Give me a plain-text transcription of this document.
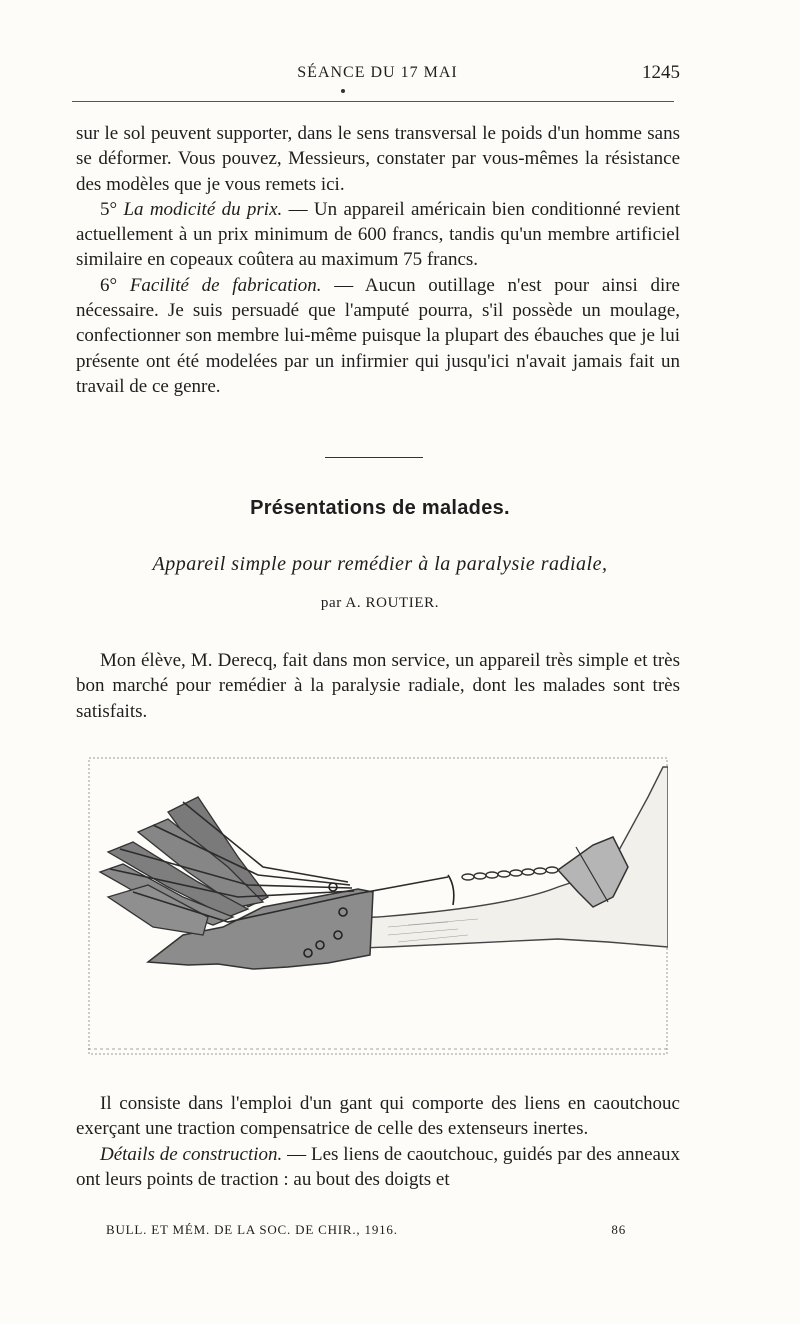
SÉANCE DU 17 MAI	1245

sur le sol peuvent supporter, dans le sens transversal le poids d'un homme sans se déformer. Vous pouvez, Messieurs, constater par vous-mêmes la résistance des modèles que je vous remets ici.

5° La modicité du prix. — Un appareil américain bien conditionné revient actuellement à un prix minimum de 600 francs, tandis qu'un membre artificiel similaire en copeaux coûtera au maximum 75 francs.

6° Facilité de fabrication. — Aucun outillage n'est pour ainsi dire nécessaire. Je suis persuadé que l'amputé pourra, s'il possède un moulage, confectionner son membre lui-même puisque la plupart des ébauches que je lui présente ont été modelées par un infirmier qui jusqu'ici n'avait jamais fait un travail de ce genre.

Présentations de malades.
Appareil simple pour remédier à la paralysie radiale,
par A. ROUTIER.

Mon élève, M. Derecq, fait dans mon service, un appareil très simple et très bon marché pour remédier à la paralysie radiale, dont les malades sont très satisfaits.

Il consiste dans l'emploi d'un gant qui comporte des liens en caoutchouc exerçant une traction compensatrice de celle des extenseurs inertes.

Détails de construction. — Les liens de caoutchouc, guidés par des anneaux ont leurs points de traction : au bout des doigts et

BULL. ET MÉM. DE LA SOC. DE CHIR., 1916.	86
